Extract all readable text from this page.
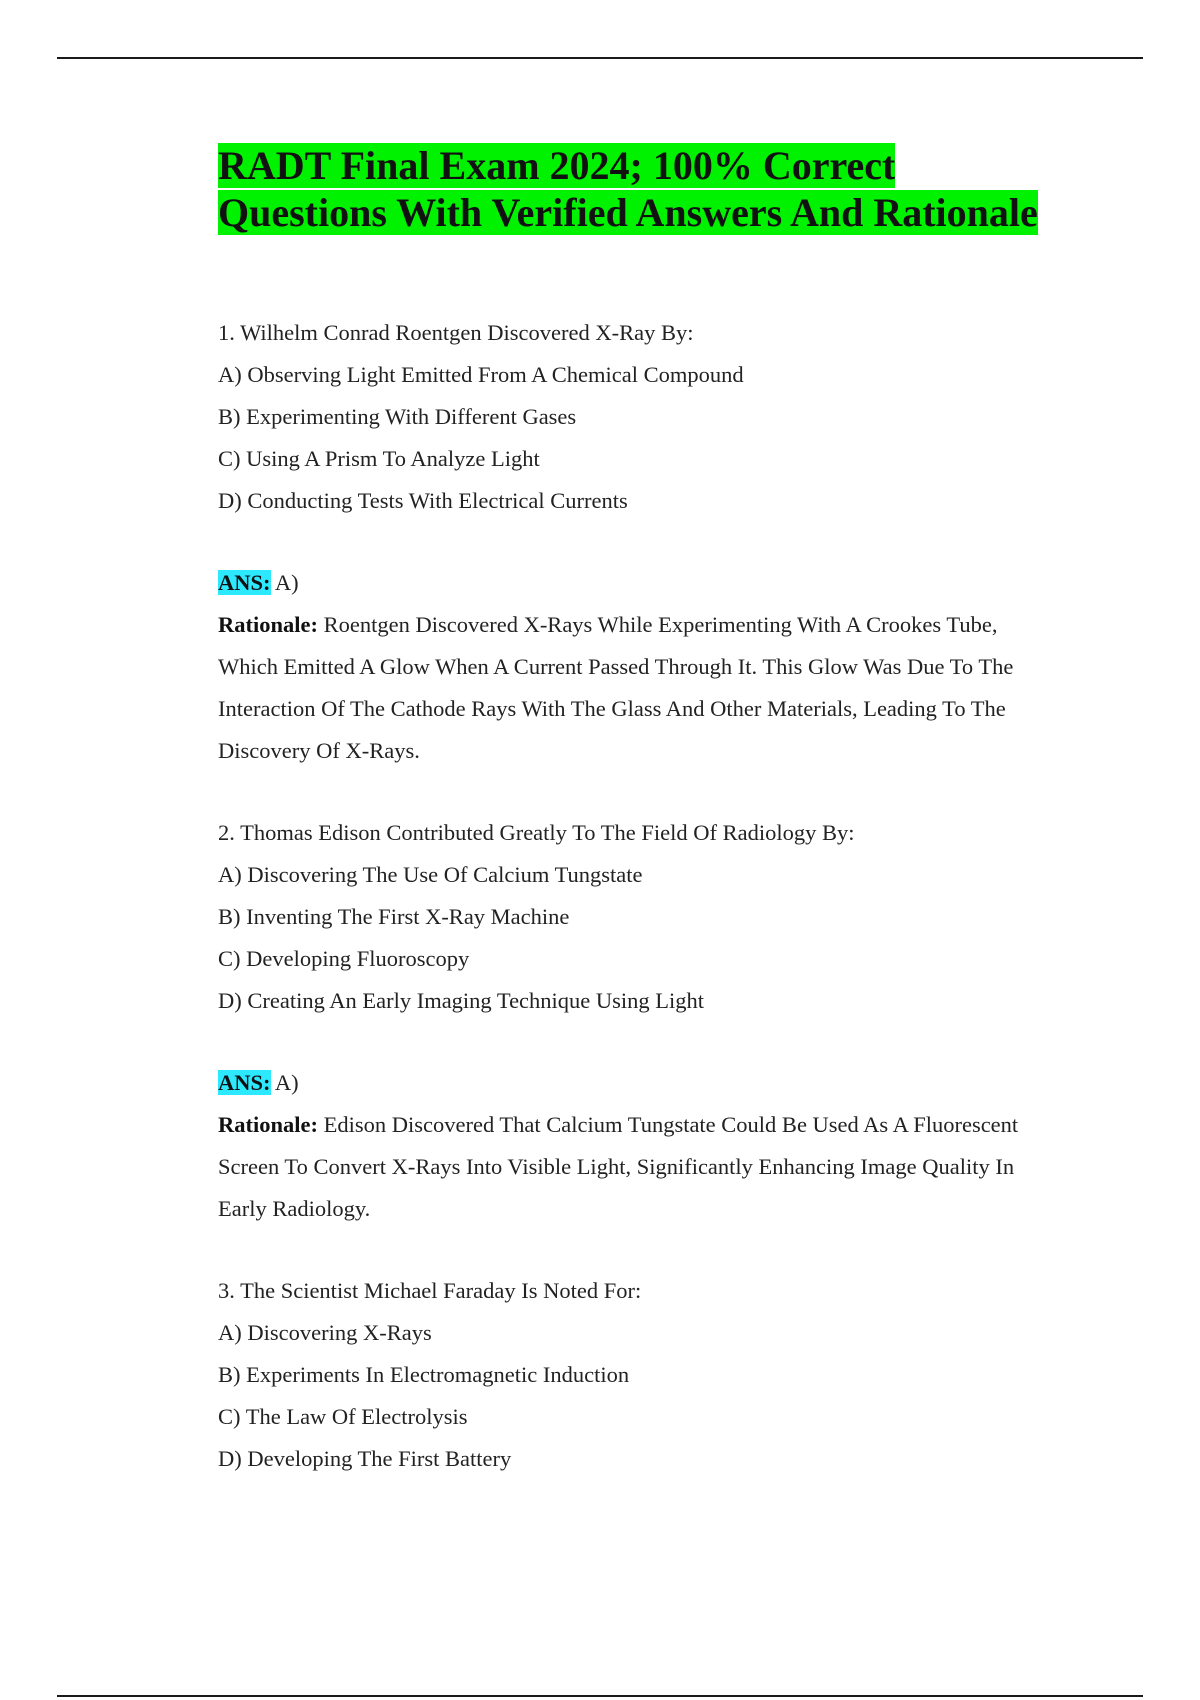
RADT Final Exam 2024; 100% Correct
Questions With Verified Answers And Rationale
1. Wilhelm Conrad Roentgen Discovered X-Ray By:
A) Observing Light Emitted From A Chemical Compound
B) Experimenting With Different Gases
C) Using A Prism To Analyze Light
D) Conducting Tests With Electrical Currents
ANS: A)
Rationale: Roentgen Discovered X-Rays While Experimenting With A Crookes Tube, Which Emitted A Glow When A Current Passed Through It. This Glow Was Due To The Interaction Of The Cathode Rays With The Glass And Other Materials, Leading To The Discovery Of X-Rays.
2. Thomas Edison Contributed Greatly To The Field Of Radiology By:
A) Discovering The Use Of Calcium Tungstate
B) Inventing The First X-Ray Machine
C) Developing Fluoroscopy
D) Creating An Early Imaging Technique Using Light
ANS: A)
Rationale: Edison Discovered That Calcium Tungstate Could Be Used As A Fluorescent Screen To Convert X-Rays Into Visible Light, Significantly Enhancing Image Quality In Early Radiology.
3. The Scientist Michael Faraday Is Noted For:
A) Discovering X-Rays
B) Experiments In Electromagnetic Induction
C) The Law Of Electrolysis
D) Developing The First Battery
